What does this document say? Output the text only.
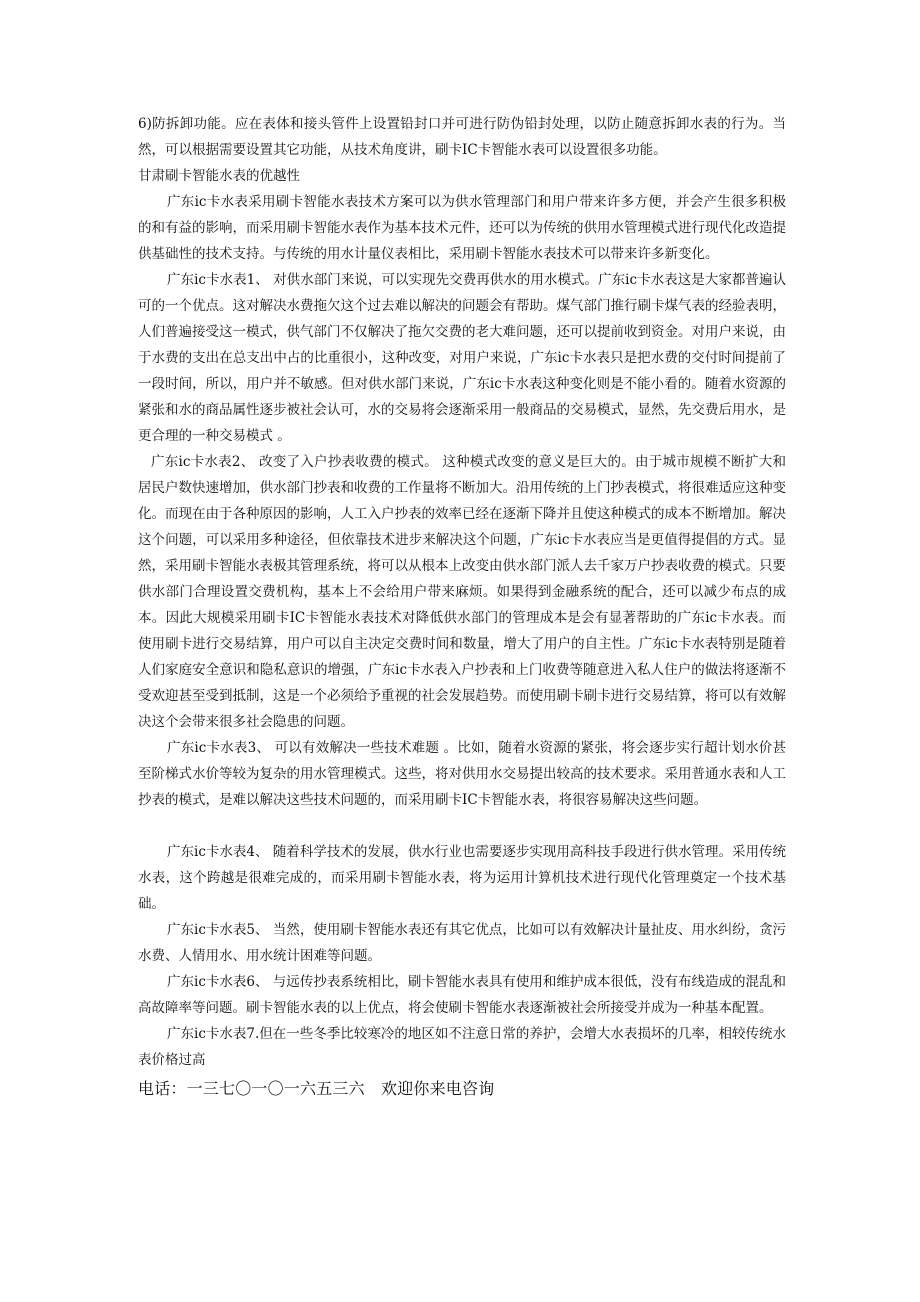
6)防拆卸功能。应在表体和接头管件上设置铅封口并可进行防伪铅封处理，以防止随意拆卸水表的行为。当然，可以根据需要设置其它功能，从技术角度讲，刷卡IC卡智能水表可以设置很多功能。

甘肃刷卡智能水表的优越性

广东ic卡水表采用刷卡智能水表技术方案可以为供水管理部门和用户带来许多方便，并会产生很多积极的和有益的影响，而采用刷卡智能水表作为基本技术元件，还可以为传统的供用水管理模式进行现代化改造提供基础性的技术支持。与传统的用水计量仪表相比，采用刷卡智能水表技术可以带来许多新变化。

广东ic卡水表1、 对供水部门来说，可以实现先交费再供水的用水模式。广东ic卡水表这是大家都普遍认可的一个优点。这对解决水费拖欠这个过去难以解决的问题会有帮助。煤气部门推行刷卡煤气表的经验表明，人们普遍接受这一模式，供气部门不仅解决了拖欠交费的老大难问题，还可以提前收到资金。对用户来说，由于水费的支出在总支出中占的比重很小，这种改变，对用户来说，广东ic卡水表只是把水费的交付时间提前了一段时间，所以，用户并不敏感。但对供水部门来说，广东ic卡水表这种变化则是不能小看的。随着水资源的紧张和水的商品属性逐步被社会认可，水的交易将会逐渐采用一般商品的交易模式，显然，先交费后用水，是更合理的一种交易模式 。

广东ic卡水表2、 改变了入户抄表收费的模式。 这种模式改变的意义是巨大的。由于城市规模不断扩大和居民户数快速增加，供水部门抄表和收费的工作量将不断加大。沿用传统的上门抄表模式，将很难适应这种变化。而现在由于各种原因的影响，人工入户抄表的效率已经在逐渐下降并且使这种模式的成本不断增加。解决这个问题，可以采用多种途径，但依靠技术进步来解决这个问题，广东ic卡水表应当是更值得提倡的方式。显然，采用刷卡智能水表极其管理系统，将可以从根本上改变由供水部门派人去千家万户抄表收费的模式。只要供水部门合理设置交费机构，基本上不会给用户带来麻烦。如果得到金融系统的配合，还可以减少布点的成本。因此大规模采用刷卡IC卡智能水表技术对降低供水部门的管理成本是会有显著帮助的广东ic卡水表。而使用刷卡进行交易结算，用户可以自主决定交费时间和数量，增大了用户的自主性。广东ic卡水表特别是随着人们家庭安全意识和隐私意识的增强，广东ic卡水表入户抄表和上门收费等随意进入私人住户的做法将逐渐不受欢迎甚至受到抵制，这是一个必须给予重视的社会发展趋势。而使用刷卡刷卡进行交易结算，将可以有效解决这个会带来很多社会隐患的问题。

广东ic卡水表3、 可以有效解决一些技术难题 。比如，随着水资源的紧张，将会逐步实行超计划水价甚至阶梯式水价等较为复杂的用水管理模式。这些，将对供用水交易提出较高的技术要求。采用普通水表和人工抄表的模式，是难以解决这些技术问题的，而采用刷卡IC卡智能水表，将很容易解决这些问题。

广东ic卡水表4、 随着科学技术的发展，供水行业也需要逐步实现用高科技手段进行供水管理。采用传统水表，这个跨越是很难完成的，而采用刷卡智能水表，将为运用计算机技术进行现代化管理奠定一个技术基础。

广东ic卡水表5、 当然，使用刷卡智能水表还有其它优点，比如可以有效解决计量扯皮、用水纠纷，贪污水费、人情用水、用水统计困难等问题。

广东ic卡水表6、 与远传抄表系统相比，刷卡智能水表具有使用和维护成本很低，没有布线造成的混乱和高故障率等问题。刷卡智能水表的以上优点，将会使刷卡智能水表逐渐被社会所接受并成为一种基本配置。

广东ic卡水表7.但在一些冬季比较寒冷的地区如不注意日常的养护，会增大水表损坏的几率，相较传统水表价格过高

电话：一三七〇一〇一六五三六　欢迎你来电咨询
